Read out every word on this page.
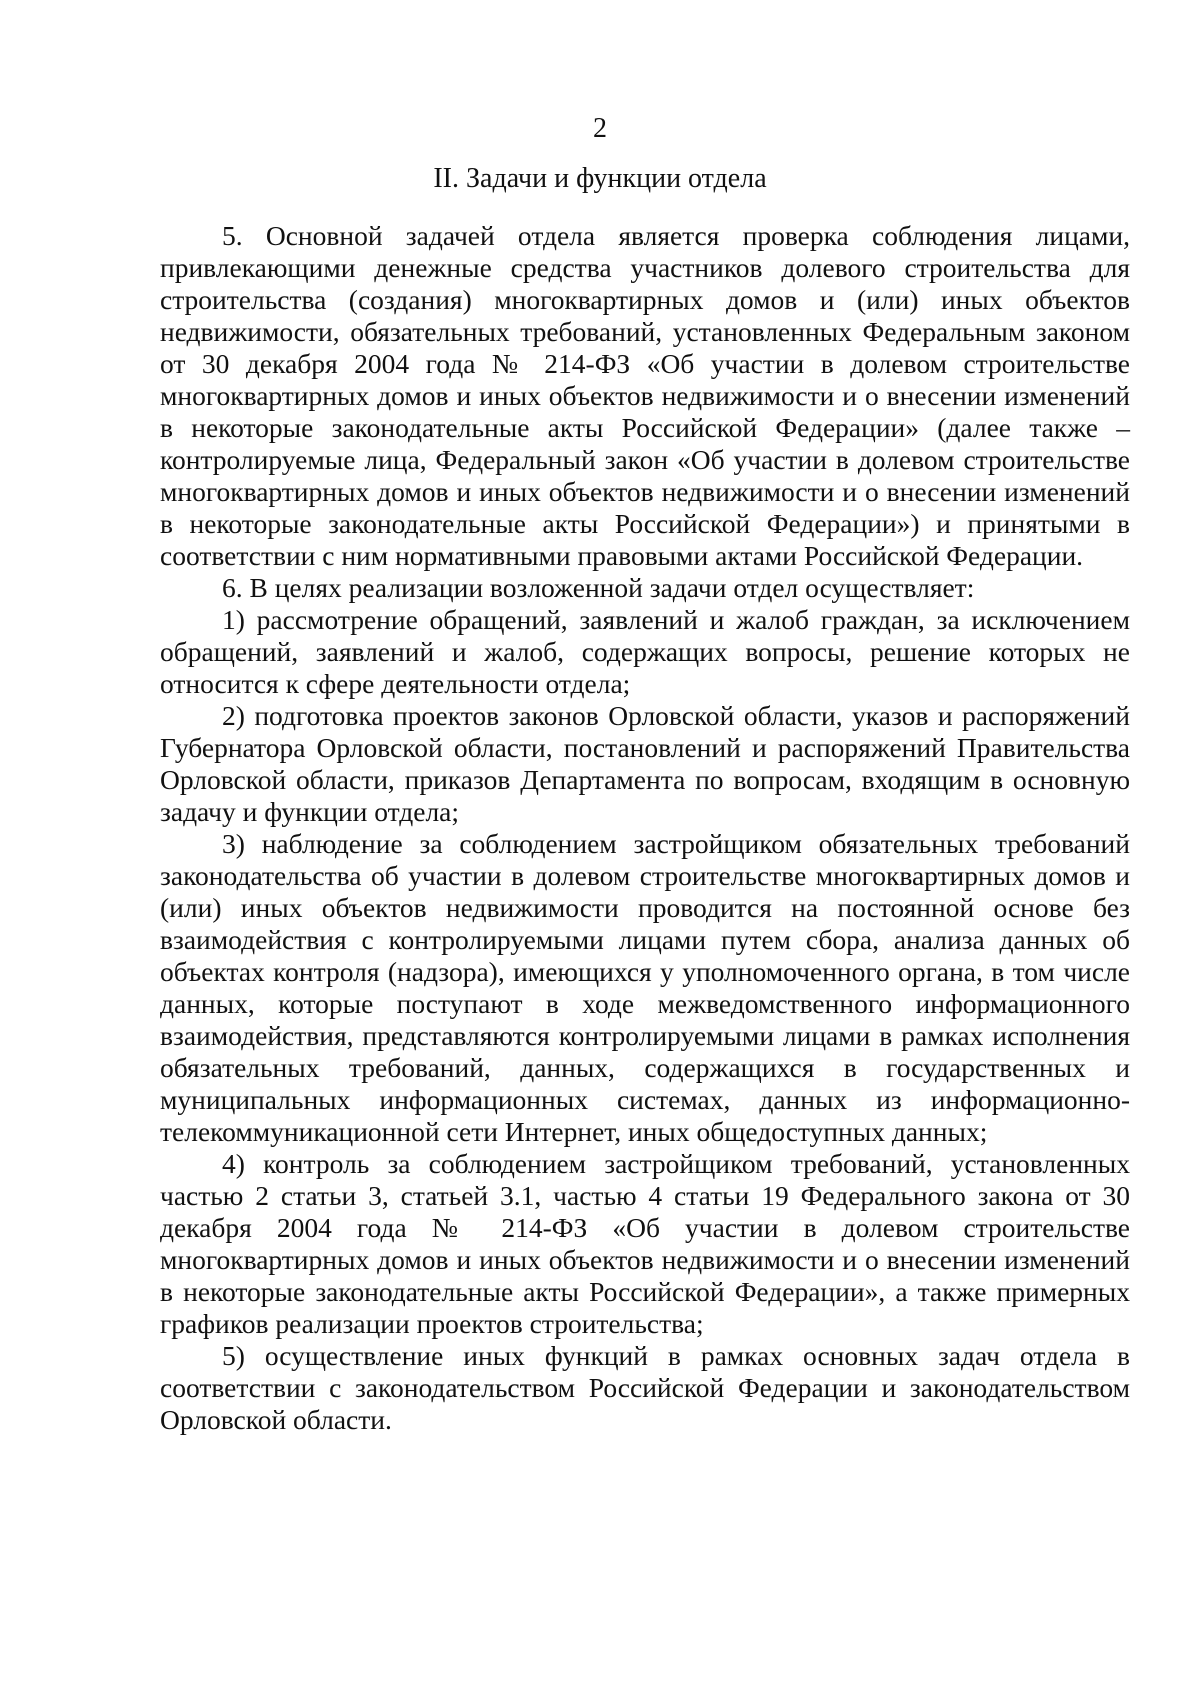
2
II. Задачи и функции отдела

5. Основной задачей отдела является проверка соблюдения лицами, привлекающими денежные средства участников долевого строительства для строительства (создания) многоквартирных домов и (или) иных объектов недвижимости, обязательных требований, установленных Федеральным законом от 30 декабря 2004 года № 214-ФЗ «Об участии в долевом строительстве многоквартирных домов и иных объектов недвижимости и о внесении изменений в некоторые законодательные акты Российской Федерации» (далее также – контролируемые лица, Федеральный закон «Об участии в долевом строительстве многоквартирных домов и иных объектов недвижимости и о внесении изменений в некоторые законодательные акты Российской Федерации») и принятыми в соответствии с ним нормативными правовыми актами Российской Федерации.

6. В целях реализации возложенной задачи отдел осуществляет:

1) рассмотрение обращений, заявлений и жалоб граждан, за исключением обращений, заявлений и жалоб, содержащих вопросы, решение которых не относится к сфере деятельности отдела;

2) подготовка проектов законов Орловской области, указов и распоряжений Губернатора Орловской области, постановлений и распоряжений Правительства Орловской области, приказов Департамента по вопросам, входящим в основную задачу и функции отдела;

3) наблюдение за соблюдением застройщиком обязательных требований законодательства об участии в долевом строительстве многоквартирных домов и (или) иных объектов недвижимости проводится на постоянной основе без взаимодействия с контролируемыми лицами путем сбора, анализа данных об объектах контроля (надзора), имеющихся у уполномоченного органа, в том числе данных, которые поступают в ходе межведомственного информационного взаимодействия, представляются контролируемыми лицами в рамках исполнения обязательных требований, данных, содержащихся в государственных и муниципальных информационных системах, данных из информационно-телекоммуникационной сети Интернет, иных общедоступных данных;

4) контроль за соблюдением застройщиком требований, установленных частью 2 статьи 3, статьей 3.1, частью 4 статьи 19 Федерального закона от 30 декабря 2004 года № 214-ФЗ «Об участии в долевом строительстве многоквартирных домов и иных объектов недвижимости и о внесении изменений в некоторые законодательные акты Российской Федерации», а также примерных графиков реализации проектов строительства;

5) осуществление иных функций в рамках основных задач отдела в соответствии с законодательством Российской Федерации и законодательством Орловской области.
